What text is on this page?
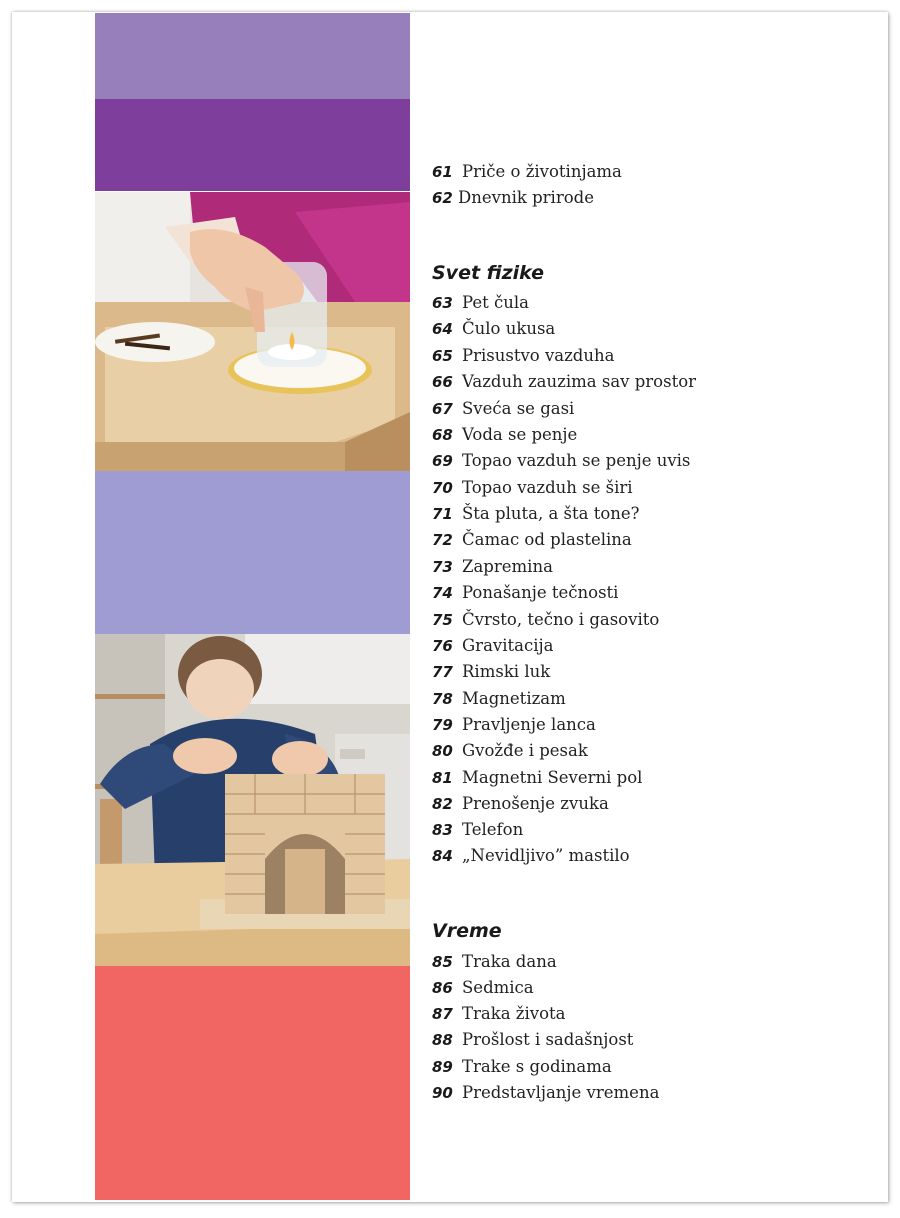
61 Priče o životinjama
62 Dnevnik prirode
Svet fizike
63 Pet čula
64 Čulo ukusa
65 Prisustvo vazduha
66 Vazduh zauzima sav prostor
67 Sveća se gasi
68 Voda se penje
69 Topao vazduh se penje uvis
70 Topao vazduh se širi
71 Šta pluta, a šta tone?
72 Čamac od plastelina
73 Zapremina
74 Ponašanje tečnosti
75 Čvrsto, tečno i gasovito
76 Gravitacija
77 Rimski luk
78 Magnetizam
79 Pravljenje lanca
80 Gvožđe i pesak
81 Magnetni Severni pol
82 Prenošenje zvuka
83 Telefon
84 „Nevidljivo” mastilo
Vreme
85 Traka dana
86 Sedmica
87 Traka života
88 Prošlost i sadašnjost
89 Trake s godinama
90 Predstavljanje vremena
